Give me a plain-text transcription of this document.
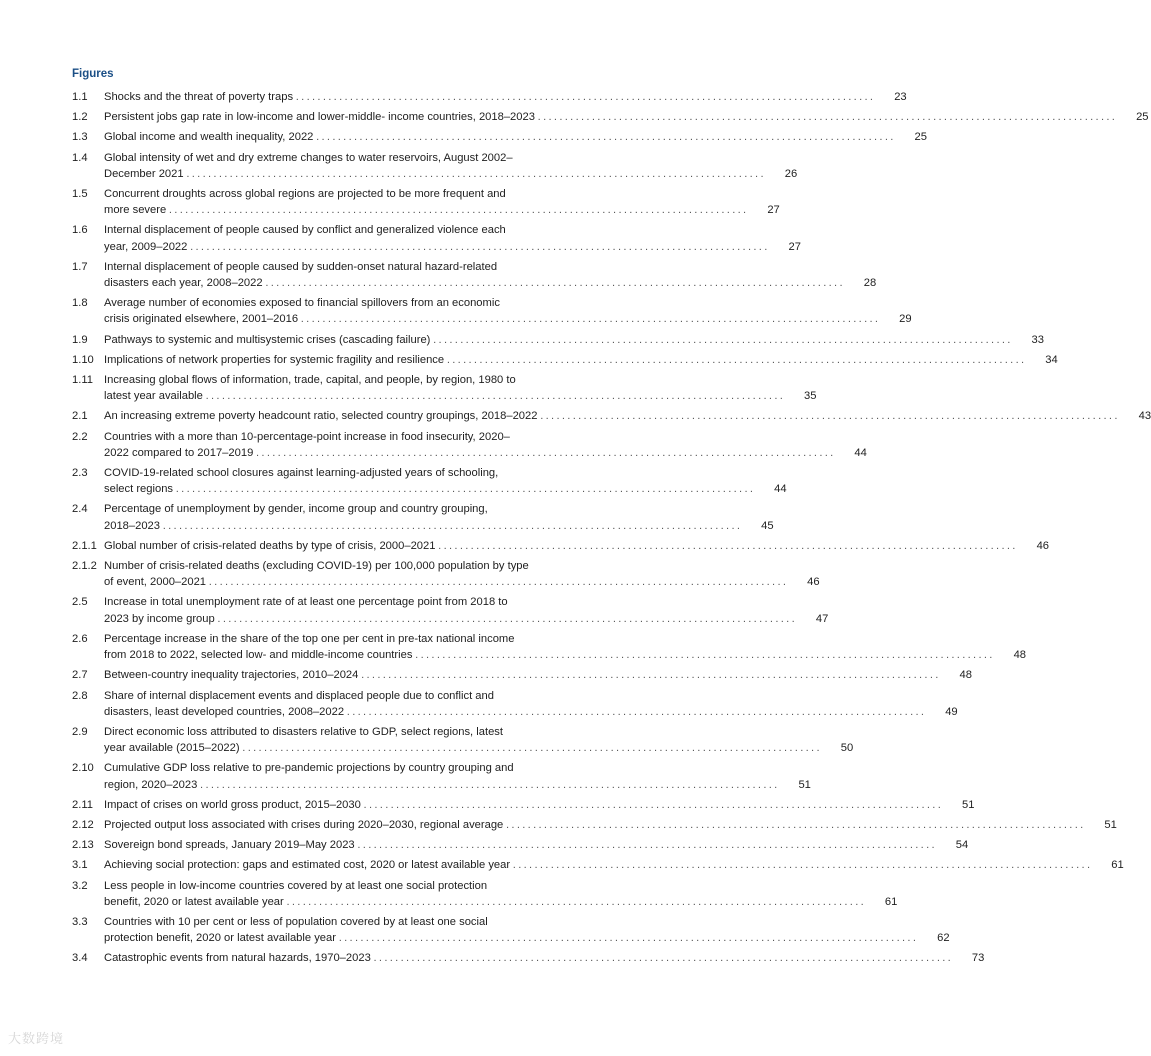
Figures
1.1	Shocks and the threat of poverty traps . . . . . . . . . . . . . . . . . . . . . . . . . . . . . . . . . . . . . . . . . . . . . . . . . . . . . . . . . . . . . . . . . . . . . . . . . . . . . . . . . . . . . . . . . . . . . . . . . . . . . . . . . . .	23
1.2	Persistent jobs gap rate in low-income and lower-middle- income countries, 2018–2023 . . . . . . . . . . . . . . . . . . . . . . . . . . . . . . . . . . . . . . . . . . . . . . . . . . . . . . . . . . . . . . . . . . . . . . . . . . . . . . . . . . . . . . . . . . . . . . . . . . . . . . . . . . .	25
1.3	Global income and wealth inequality, 2022 . . . . . . . . . . . . . . . . . . . . . . . . . . . . . . . . . . . . . . . . . . . . . . . . . . . . . . . . . . . . . . . . . . . . . . . . . . . . . . . . . . . . . . . . . . . . . . . . . . . . . . . . . . .	25
1.4	Global intensity of wet and dry extreme changes to water reservoirs, August 2002–
December 2021 . . . . . . . . . . . . . . . . . . . . . . . . . . . . . . . . . . . . . . . . . . . . . . . . . . . . . . . . . . . . . . . . . . . . . . . . . . . . . . . . . . . . . . . . . . . . . . . . . . . . . . . . . . .	26
1.5	Concurrent droughts across global regions are projected to be more frequent and
more severe . . . . . . . . . . . . . . . . . . . . . . . . . . . . . . . . . . . . . . . . . . . . . . . . . . . . . . . . . . . . . . . . . . . . . . . . . . . . . . . . . . . . . . . . . . . . . . . . . . . . . . . . . . .	27
1.6	Internal displacement of people caused by conflict and generalized violence each
year, 2009–2022 . . . . . . . . . . . . . . . . . . . . . . . . . . . . . . . . . . . . . . . . . . . . . . . . . . . . . . . . . . . . . . . . . . . . . . . . . . . . . . . . . . . . . . . . . . . . . . . . . . . . . . . . . . .	27
1.7	Internal displacement of people caused by sudden-onset natural hazard-related
disasters each year, 2008–2022 . . . . . . . . . . . . . . . . . . . . . . . . . . . . . . . . . . . . . . . . . . . . . . . . . . . . . . . . . . . . . . . . . . . . . . . . . . . . . . . . . . . . . . . . . . . . . . . . . . . . . . . . . . .	28
1.8	Average number of economies exposed to financial spillovers from an economic
crisis originated elsewhere, 2001–2016 . . . . . . . . . . . . . . . . . . . . . . . . . . . . . . . . . . . . . . . . . . . . . . . . . . . . . . . . . . . . . . . . . . . . . . . . . . . . . . . . . . . . . . . . . . . . . . . . . . . . . . . . . . .	29
1.9	Pathways to systemic and multisystemic crises (cascading failure) . . . . . . . . . . . . . . . . . . . . . . . . . . . . . . . . . . . . . . . . . . . . . . . . . . . . . . . . . . . . . . . . . . . . . . . . . . . . . . . . . . . . . . . . . . . . . . . . . . . . . . . . . . .	33
1.10 Implications of network properties for systemic fragility and resilience . . . . . . . . . . . . . . . . . . . . . . . . . . . . . . . . . . . . . . . . . . . . . . . . . . . . . . . . . . . . . . . . . . . . . . . . . . . . . . . . . . . . . . . . . . . . . . . . . . . . . . . . . . .	34
1.11 Increasing global flows of information, trade, capital, and people, by region, 1980 to
latest year available . . . . . . . . . . . . . . . . . . . . . . . . . . . . . . . . . . . . . . . . . . . . . . . . . . . . . . . . . . . . . . . . . . . . . . . . . . . . . . . . . . . . . . . . . . . . . . . . . . . . . . . . . . .	35
2.1	An increasing extreme poverty headcount ratio, selected country groupings, 2018–2022 . . . . . . . . . . . . . . . . . . . . . . . . . . . . . . . . . . . . . . . . . . . . . . . . . . . . . . . . . . . . . . . . . . . . . . . . . . . . . . . . . . . . . . . . . . . . . . . . . . . . . . . . . . .	43
2.2	Countries with a more than 10-percentage-point increase in food insecurity, 2020–
2022 compared to 2017–2019 . . . . . . . . . . . . . . . . . . . . . . . . . . . . . . . . . . . . . . . . . . . . . . . . . . . . . . . . . . . . . . . . . . . . . . . . . . . . . . . . . . . . . . . . . . . . . . . . . . . . . . . . . . .	44
2.3	COVID-19-related school closures against learning-adjusted years of schooling,
select regions . . . . . . . . . . . . . . . . . . . . . . . . . . . . . . . . . . . . . . . . . . . . . . . . . . . . . . . . . . . . . . . . . . . . . . . . . . . . . . . . . . . . . . . . . . . . . . . . . . . . . . . . . . .	44
2.4	Percentage of unemployment by gender, income group and country grouping,
2018–2023 . . . . . . . . . . . . . . . . . . . . . . . . . . . . . . . . . . . . . . . . . . . . . . . . . . . . . . . . . . . . . . . . . . . . . . . . . . . . . . . . . . . . . . . . . . . . . . . . . . . . . . . . . . .	45
2.1.1 Global number of crisis-related deaths by type of crisis, 2000–2021 . . . . . . . . . . . . . . . . . . . . . . . . . . . . . . . . . . . . . . . . . . . . . . . . . . . . . . . . . . . . . . . . . . . . . . . . . . . . . . . . . . . . . . . . . . . . . . . . . . . . . . . . . . .	46
2.1.2 Number of crisis-related deaths (excluding COVID-19) per 100,000 population by type
of event, 2000–2021 . . . . . . . . . . . . . . . . . . . . . . . . . . . . . . . . . . . . . . . . . . . . . . . . . . . . . . . . . . . . . . . . . . . . . . . . . . . . . . . . . . . . . . . . . . . . . . . . . . . . . . . . . . .	46
2.5	Increase in total unemployment rate of at least one percentage point from 2018 to
2023 by income group . . . . . . . . . . . . . . . . . . . . . . . . . . . . . . . . . . . . . . . . . . . . . . . . . . . . . . . . . . . . . . . . . . . . . . . . . . . . . . . . . . . . . . . . . . . . . . . . . . . . . . . . . . .	47
2.6	Percentage increase in the share of the top one per cent in pre-tax national income
from 2018 to 2022, selected low- and middle-income countries . . . . . . . . . . . . . . . . . . . . . . . . . . . . . . . . . . . . . . . . . . . . . . . . . . . . . . . . . . . . . . . . . . . . . . . . . . . . . . . . . . . . . . . . . . . . . . . . . . . . . . . . . . .	48
2.7	Between-country inequality trajectories, 2010–2024 . . . . . . . . . . . . . . . . . . . . . . . . . . . . . . . . . . . . . . . . . . . . . . . . . . . . . . . . . . . . . . . . . . . . . . . . . . . . . . . . . . . . . . . . . . . . . . . . . . . . . . . . . . .	48
2.8	Share of internal displacement events and displaced people due to conflict and
disasters, least developed countries, 2008–2022 . . . . . . . . . . . . . . . . . . . . . . . . . . . . . . . . . . . . . . . . . . . . . . . . . . . . . . . . . . . . . . . . . . . . . . . . . . . . . . . . . . . . . . . . . . . . . . . . . . . . . . . . . . .	49
2.9	Direct economic loss attributed to disasters relative to GDP, select regions, latest
year available (2015–2022) . . . . . . . . . . . . . . . . . . . . . . . . . . . . . . . . . . . . . . . . . . . . . . . . . . . . . . . . . . . . . . . . . . . . . . . . . . . . . . . . . . . . . . . . . . . . . . . . . . . . . . . . . . .	50
2.10 Cumulative GDP loss relative to pre-pandemic projections by country grouping and
region, 2020–2023 . . . . . . . . . . . . . . . . . . . . . . . . . . . . . . . . . . . . . . . . . . . . . . . . . . . . . . . . . . . . . . . . . . . . . . . . . . . . . . . . . . . . . . . . . . . . . . . . . . . . . . . . . . .	51
2.11 Impact of crises on world gross product, 2015–2030 . . . . . . . . . . . . . . . . . . . . . . . . . . . . . . . . . . . . . . . . . . . . . . . . . . . . . . . . . . . . . . . . . . . . . . . . . . . . . . . . . . . . . . . . . . . . . . . . . . . . . . . . . . .	51
2.12 Projected output loss associated with crises during 2020–2030, regional average . . . . . . . . . . . . . . . . . . . . . . . . . . . . . . . . . . . . . . . . . . . . . . . . . . . . . . . . . . . . . . . . . . . . . . . . . . . . . . . . . . . . . . . . . . . . . . . . . . . . . . . . . . .	51
2.13 Sovereign bond spreads, January 2019–May 2023 . . . . . . . . . . . . . . . . . . . . . . . . . . . . . . . . . . . . . . . . . . . . . . . . . . . . . . . . . . . . . . . . . . . . . . . . . . . . . . . . . . . . . . . . . . . . . . . . . . . . . . . . . . .	54
3.1	Achieving social protection: gaps and estimated cost, 2020 or latest available year . . . . . . . . . . . . . . . . . . . . . . . . . . . . . . . . . . . . . . . . . . . . . . . . . . . . . . . . . . . . . . . . . . . . . . . . . . . . . . . . . . . . . . . . . . . . . . . . . . . . . . . . . . .	61
3.2	Less people in low-income countries covered by at least one social protection
benefit, 2020 or latest available year . . . . . . . . . . . . . . . . . . . . . . . . . . . . . . . . . . . . . . . . . . . . . . . . . . . . . . . . . . . . . . . . . . . . . . . . . . . . . . . . . . . . . . . . . . . . . . . . . . . . . . . . . . .	61
3.3	Countries with 10 per cent or less of population covered by at least one social
protection benefit, 2020 or latest available year . . . . . . . . . . . . . . . . . . . . . . . . . . . . . . . . . . . . . . . . . . . . . . . . . . . . . . . . . . . . . . . . . . . . . . . . . . . . . . . . . . . . . . . . . . . . . . . . . . . . . . . . . . .	62
3.4	Catastrophic events from natural hazards, 1970–2023 . . . . . . . . . . . . . . . . . . . . . . . . . . . . . . . . . . . . . . . . . . . . . . . . . . . . . . . . . . . . . . . . . . . . . . . . . . . . . . . . . . . . . . . . . . . . . . . . . . . . . . . . . . .	73
大数跨境
